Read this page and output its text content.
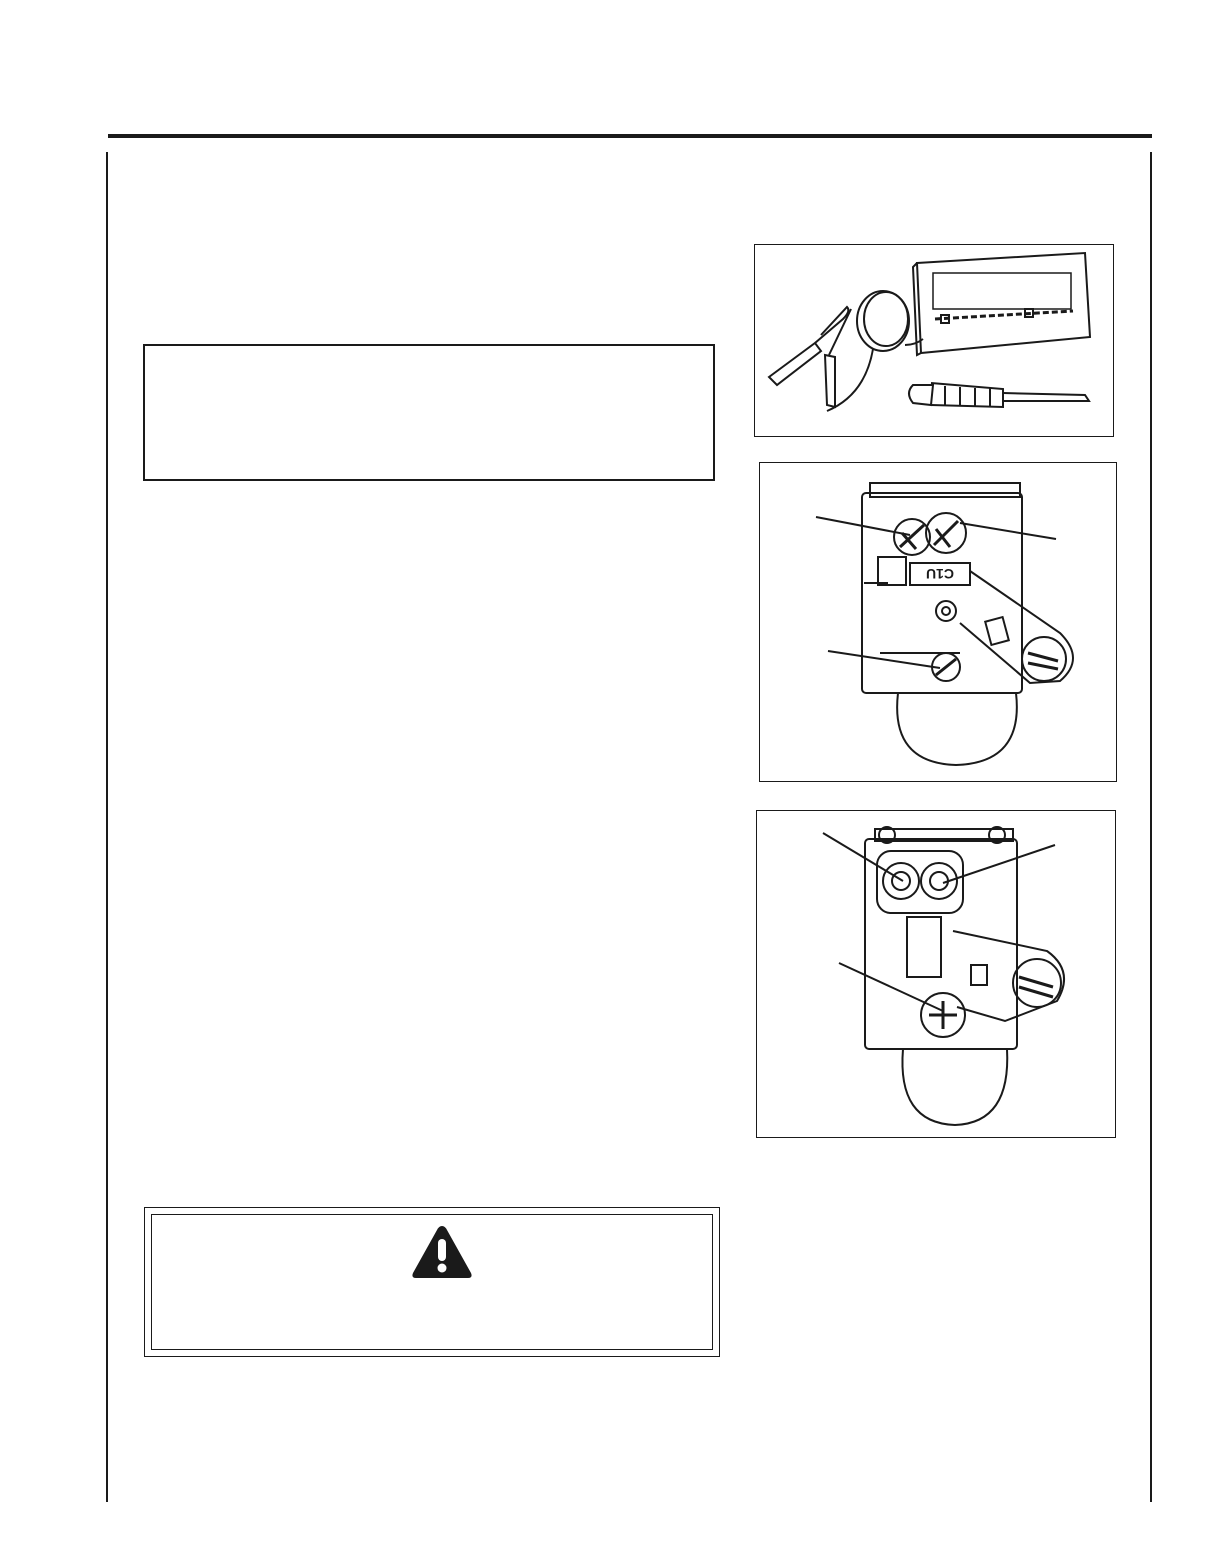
C1U
